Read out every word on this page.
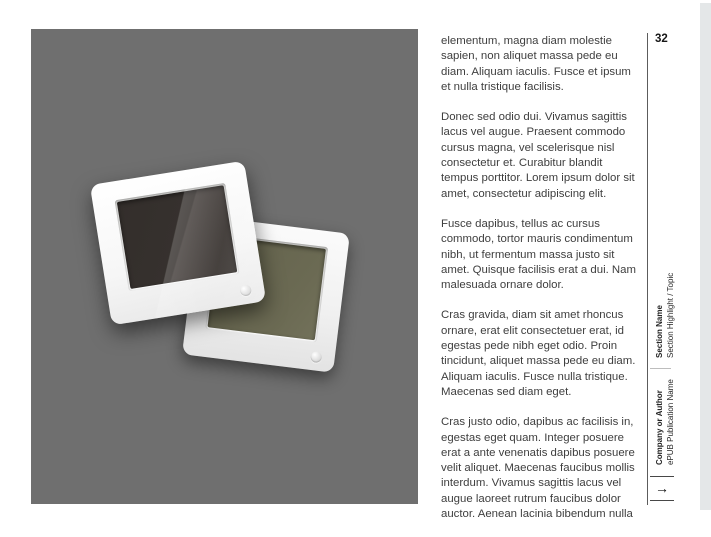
elementum, magna diam molestie sapien, non aliquet massa pede eu diam. Aliquam iaculis. Fusce et ipsum et nulla tristique facilisis.

Donec sed odio dui. Vivamus sagittis lacus vel augue. Praesent commodo cursus magna, vel scelerisque nisl consectetur et. Curabitur blandit tempus porttitor. Lorem ipsum dolor sit amet, consectetur adipiscing elit.

Fusce dapibus, tellus ac cursus commodo, tortor mauris condimentum nibh, ut fermentum massa justo sit amet. Quisque facilisis erat a dui. Nam malesuada ornare dolor.

Cras gravida, diam sit amet rhoncus ornare, erat elit consectetuer erat, id egestas pede nibh eget odio. Proin tincidunt, aliquet massa pede eu diam. Aliquam iaculis. Fusce nulla tristique. Maecenas sed diam eget.

Cras justo odio, dapibus ac facilisis in, egestas eget quam. Integer posuere erat a ante venenatis dapibus posuere velit aliquet. Maecenas faucibus mollis interdum. Vivamus sagittis lacus vel augue laoreet rutrum faucibus dolor auctor. Aenean lacinia bibendum nulla

32
Section Name Section Highlight / Topic
Company or Author ePUB Publication Name
→
